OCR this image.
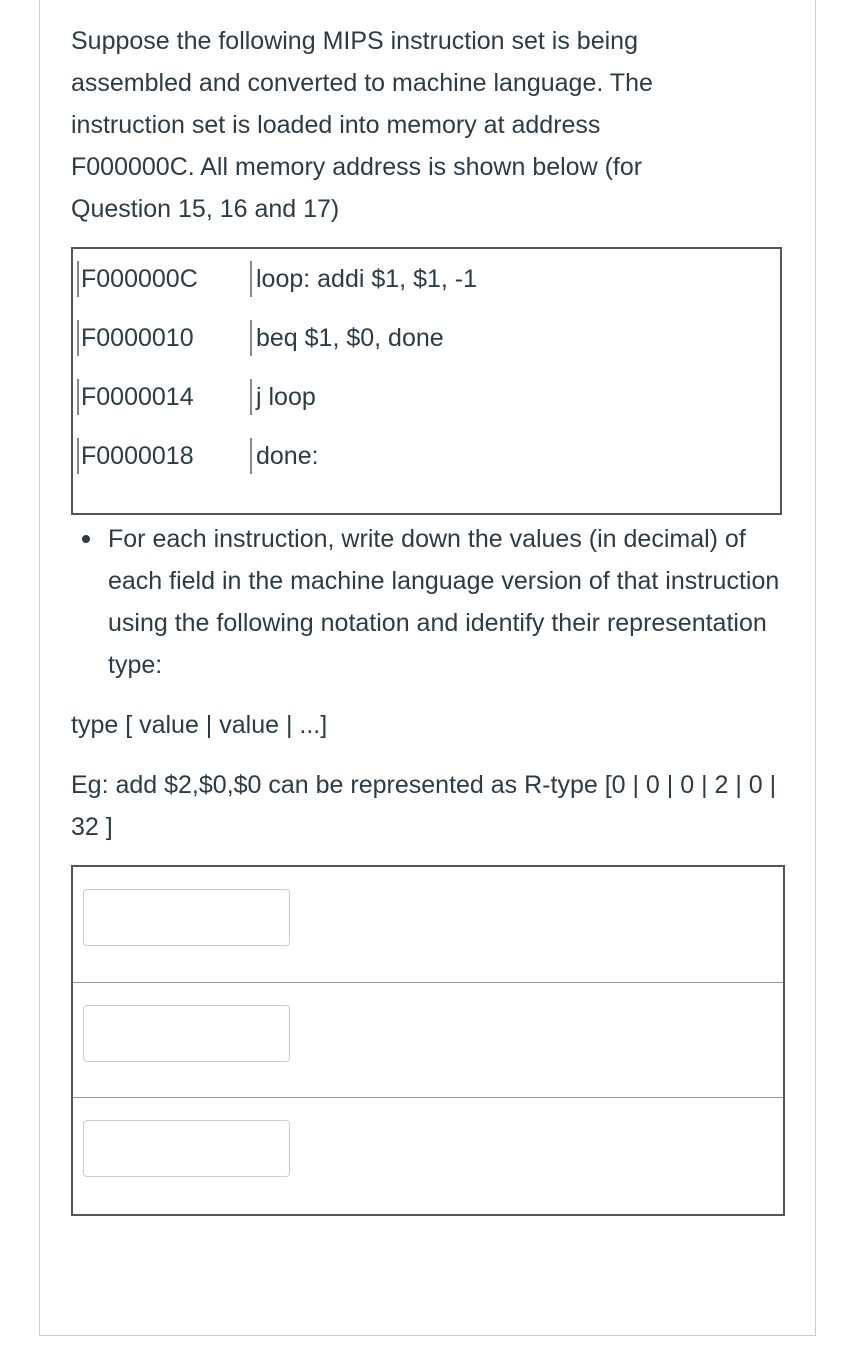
Suppose the following MIPS instruction set is being assembled and converted to machine language. The instruction set is loaded into memory at address F000000C. All memory address is shown below (for Question 15, 16 and 17)

F000000C loop: addi $1, $1, -1
F0000010 beq $1, $0, done
F0000014 j loop
F0000018 done:
For each instruction, write down the values (in decimal) of each field in the machine language version of that instruction using the following notation and identify their representation type:

type [ value | value | ...]

Eg: add $2,$0,$0 can be represented as R-type [0 | 0 | 0 | 2 | 0 | 32 ]
